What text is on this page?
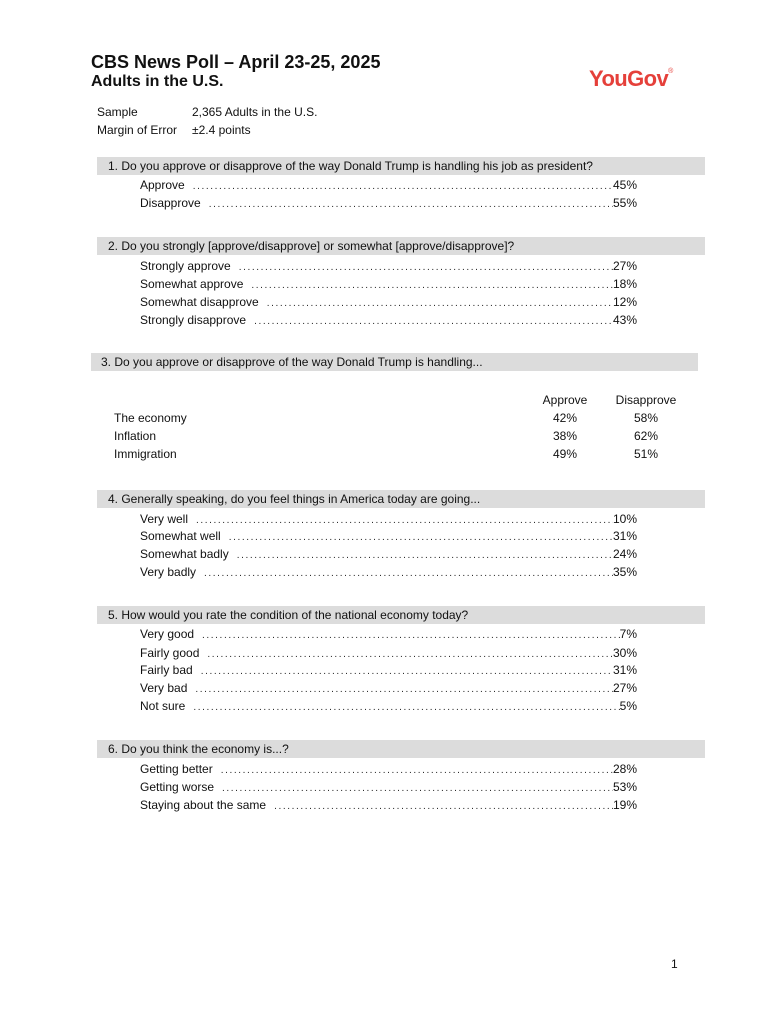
CBS News Poll – April 23-25, 2025
Adults in the U.S.	YouGov®
Sample	2,365 Adults in the U.S.
Margin of Error ±2.4 points
1. Do you approve or disapprove of the way Donald Trump is handling his job as president?
Approve .....	45%
Disapprove .....	55%
2. Do you strongly [approve/disapprove] or somewhat [approve/disapprove]?
Strongly approve .....	27%
Somewhat approve .....	18%
Somewhat disapprove .....	12%
Strongly disapprove .....	43%
3. Do you approve or disapprove of the way Donald Trump is handling...
Approve Disapprove
The economy	42%	58%
Inflation	38%	62%
Immigration	49%	51%
4. Generally speaking, do you feel things in America today are going...
Very well .....	10%
Somewhat well .....	31%
Somewhat badly .....	24%
Very badly .....	35%
5. How would you rate the condition of the national economy today?
Very good .....	7%
Fairly good .....	30%
Fairly bad .....	31%
Very bad .....	27%
Not sure .....	5%
6. Do you think the economy is...?
Getting better .....	28%
Getting worse .....	53%
Staying about the same .....	19%
1
